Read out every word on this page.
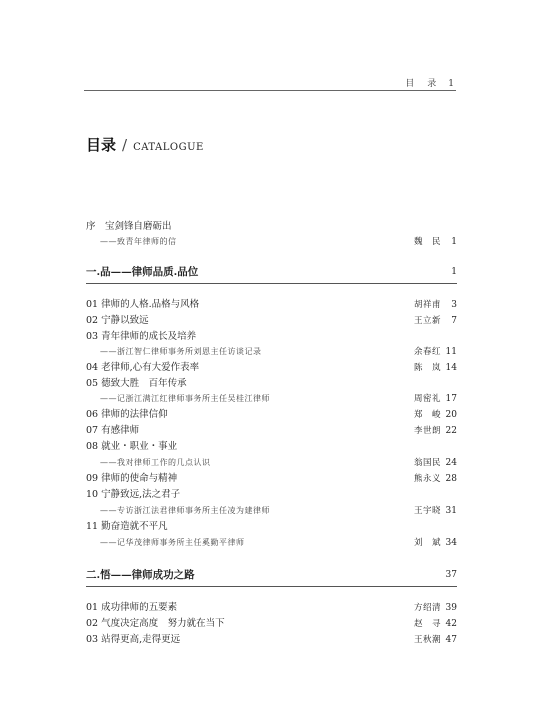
目　录 1
目录 / CATALOGUE
序　宝剑锋自磨砺出
——致青年律师的信	魏　民 1
一.品——律师品质.品位	1
01 律师的人格.品格与风格	胡祥甫 3
02 宁静以致远	王立新 7
03 青年律师的成长及培养
——浙江智仁律师事务所刘恩主任访谈记录	余春红 11
04 老律师,心有大爱作表率	陈　岚 14
05 德致大胜　百年传承
——记浙江满江红律师事务所主任吴桂江律师	周密礼 17
06 律师的法律信仰	郑　峻 20
07 有感律师	李世朗 22
08 就业・职业・事业
——我对律师工作的几点认识	翁国民 24
09 律师的使命与精神	熊永义 28
10 宁静致远,法之君子
——专访浙江法君律师事务所主任凌为建律师	王宇晓 31
11 勤奋造就不平凡
——记华茂律师事务所主任奚勤平律师	刘　斌 34
二.悟——律师成功之路	37
01 成功律师的五要素	方绍清 39
02 气度决定高度　努力就在当下	赵　寻 42
03 站得更高,走得更远	王秋潮 47
